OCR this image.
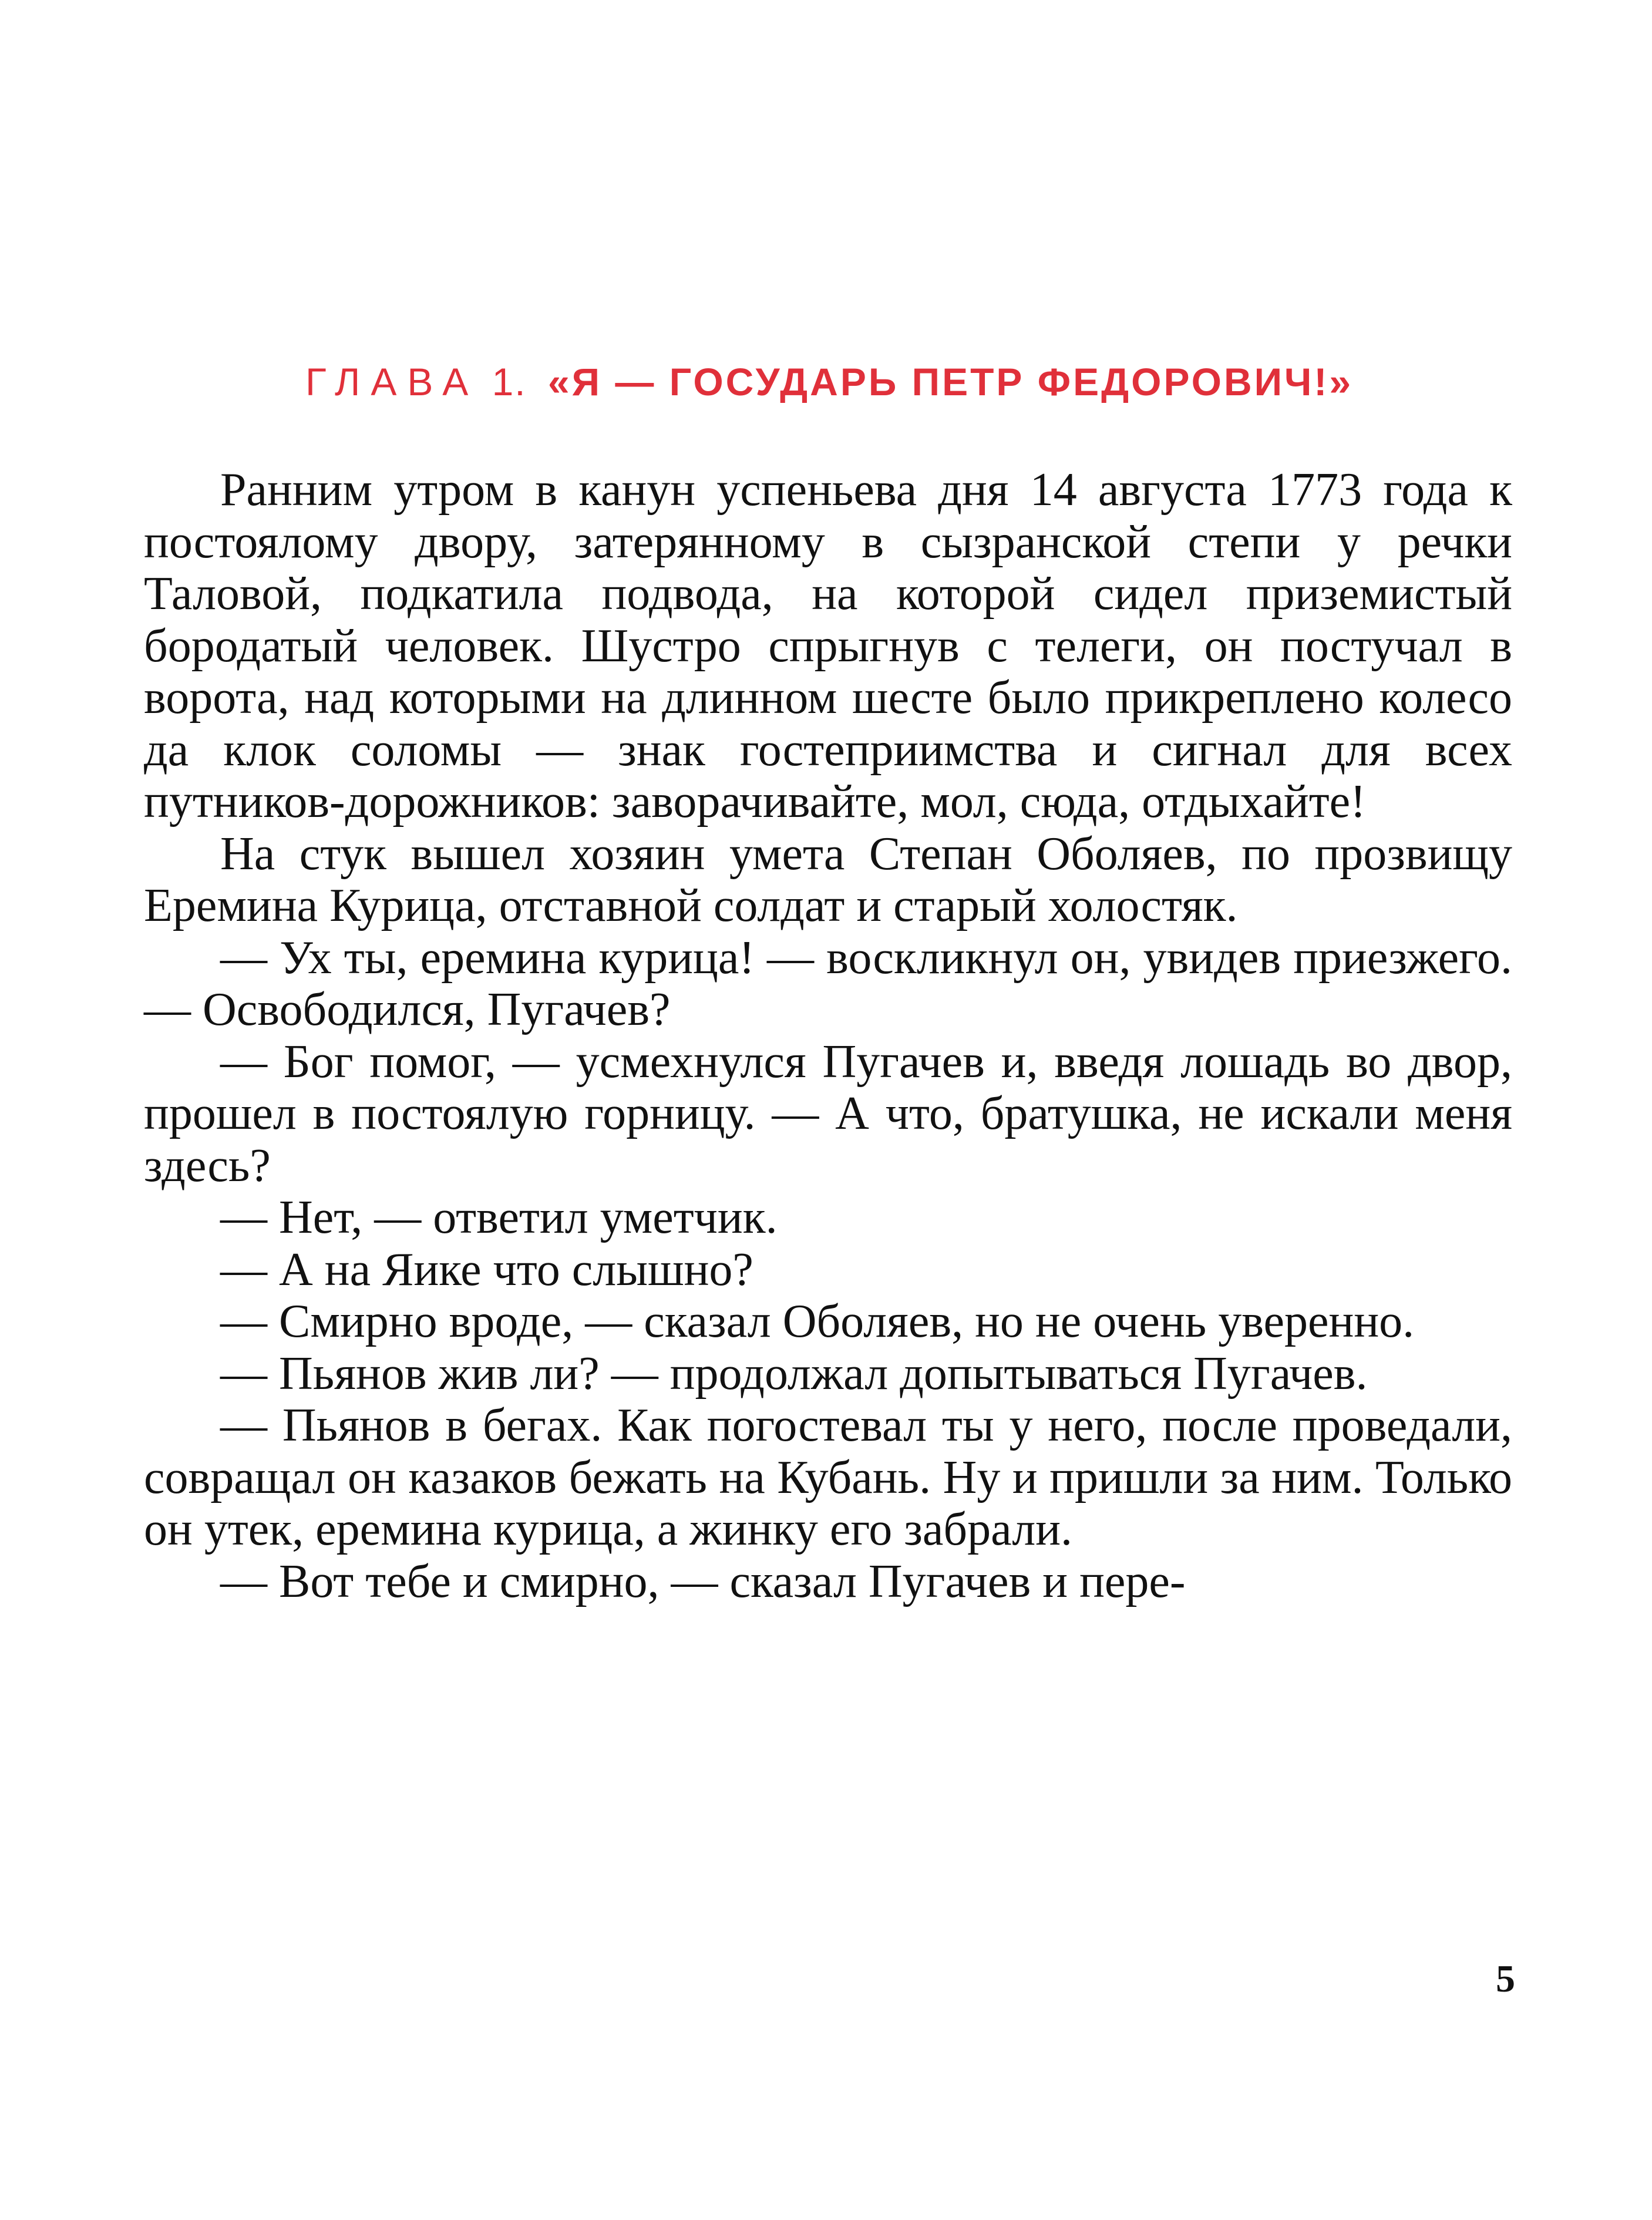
ГЛАВА 1. «Я — ГОСУДАРЬ ПЕТР ФЕДОРОВИЧ!»

Ранним утром в канун успеньева дня 14 августа 1773 года к постоялому двору, затерянному в сызранской степи у речки Таловой, подкатила подвода, на которой сидел приземистый бородатый человек. Шустро спрыгнув с телеги, он постучал в ворота, над которыми на длинном шесте было прикреплено колесо да клок соломы — знак гостеприимства и сигнал для всех путников-дорожников: заворачивайте, мол, сюда, отдыхайте!

На стук вышел хозяин умета Степан Оболяев, по прозвищу Еремина Курица, отставной солдат и старый холостяк.

— Ух ты, еремина курица! — воскликнул он, увидев приезжего. — Освободился, Пугачев?

— Бог помог, — усмехнулся Пугачев и, введя лошадь во двор, прошел в постоялую горницу. — А что, братушка, не искали меня здесь?

— Нет, — ответил уметчик.

— А на Яике что слышно?

— Смирно вроде, — сказал Оболяев, но не очень уверенно.

— Пьянов жив ли? — продолжал допытываться Пугачев.

— Пьянов в бегах. Как погостевал ты у него, после проведали, совращал он казаков бежать на Кубань. Ну и пришли за ним. Только он утек, еремина курица, а жинку его забрали.

— Вот тебе и смирно, — сказал Пугачев и пере-

5
